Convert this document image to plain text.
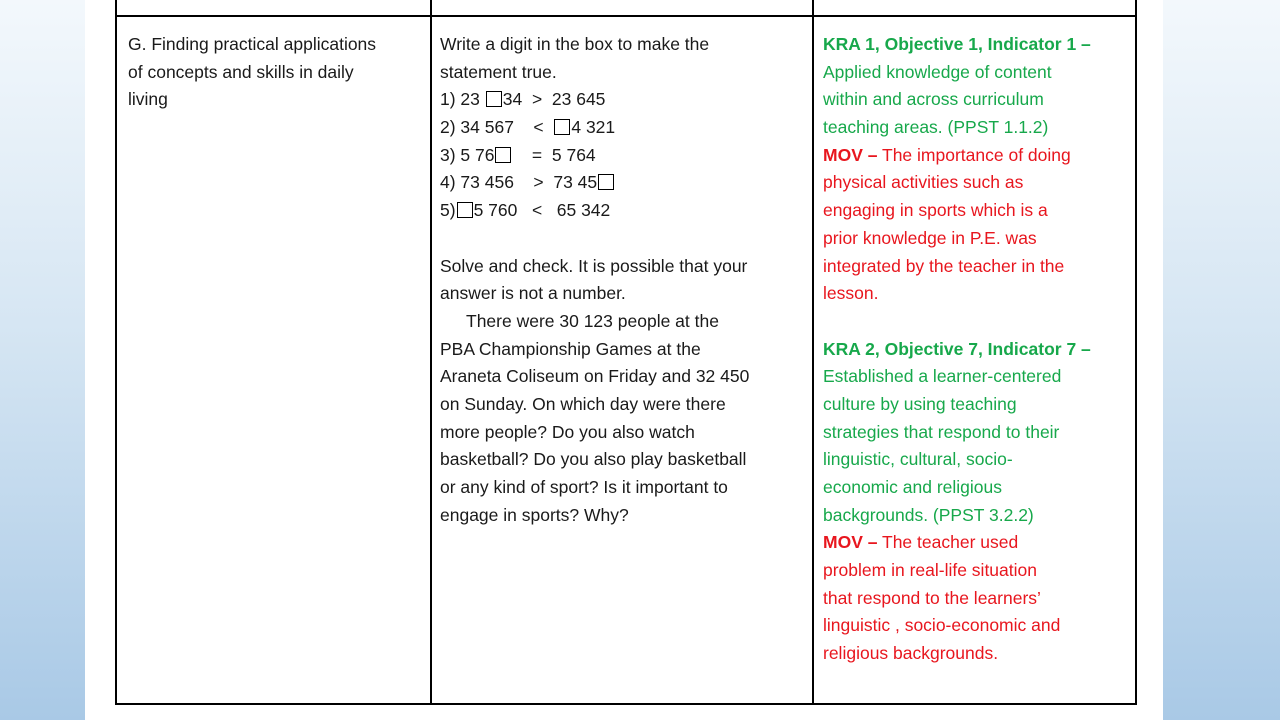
G. Finding practical applications
of concepts and skills in daily
living
Write a digit in the box to make the
statement true.
1) 23 34  >  23 645
2) 34 567    <  4 321
3) 5 76    =  5 764
4) 73 456    >  73 45
5) 5 760   <   65 342
Solve and check. It is possible that your
answer is not a number.
There were 30 123 people at the
PBA Championship Games at the
Araneta Coliseum on Friday and 32 450
on Sunday. On which day were there
more people? Do you also watch
basketball? Do you also play basketball
or any kind of sport? Is it important to
engage in sports? Why?
KRA 1, Objective 1, Indicator 1 –
Applied knowledge of content
within and across curriculum
teaching areas. (PPST 1.1.2)
MOV – The importance of doing
physical activities such as
engaging in sports which is a
prior knowledge in P.E. was
integrated by the teacher in the
lesson.
KRA 2, Objective 7, Indicator 7 –
Established a learner-centered
culture by using teaching
strategies that respond to their
linguistic, cultural, socio-
economic and religious
backgrounds. (PPST 3.2.2)
MOV – The teacher used
problem in real-life situation
that respond to the learners’
linguistic , socio-economic and
religious backgrounds.
